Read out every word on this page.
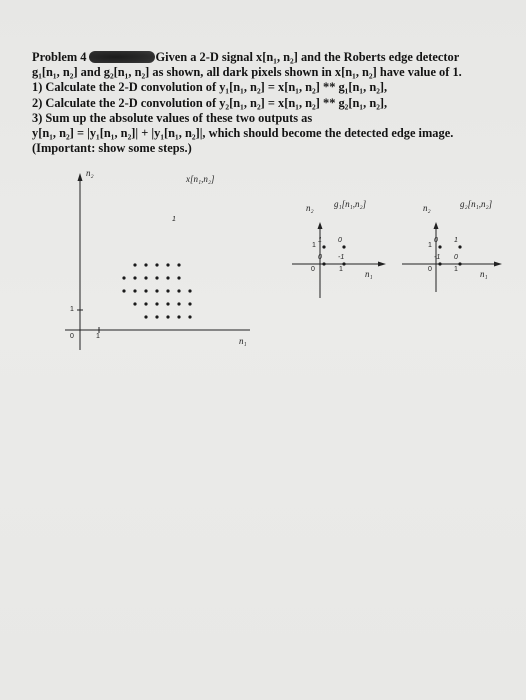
Problem 4	Given a 2-D signal x[n₁, n₂] and the Roberts edge detector
g₁[n₁, n₂] and g₂[n₁, n₂] as shown, all dark pixels shown in x[n₁, n₂] have value of 1.
1) Calculate the 2-D convolution of y₁[n₁, n₂] = x[n₁, n₂] ** g₁[n₁, n₂],
2) Calculate the 2-D convolution of y₂[n₁, n₂] = x[n₁, n₂] ** g₂[n₁, n₂],
3) Sum up the absolute values of these two outputs as
y[n₁, n₂] = |y₁[n₁, n₂]| + |y₁[n₁, n₂]|, which should become the detected edge image.
(Important: show some steps.)
x[n₁,n₂]
n₂
n₁
0	1
1
1
g₁[n₁,n₂]
n₂
n₁
0	1
1
1 0
0 -1
g₂[n₁,n₂]
n₂
n₁
0	1
1
0 1
-1 0
